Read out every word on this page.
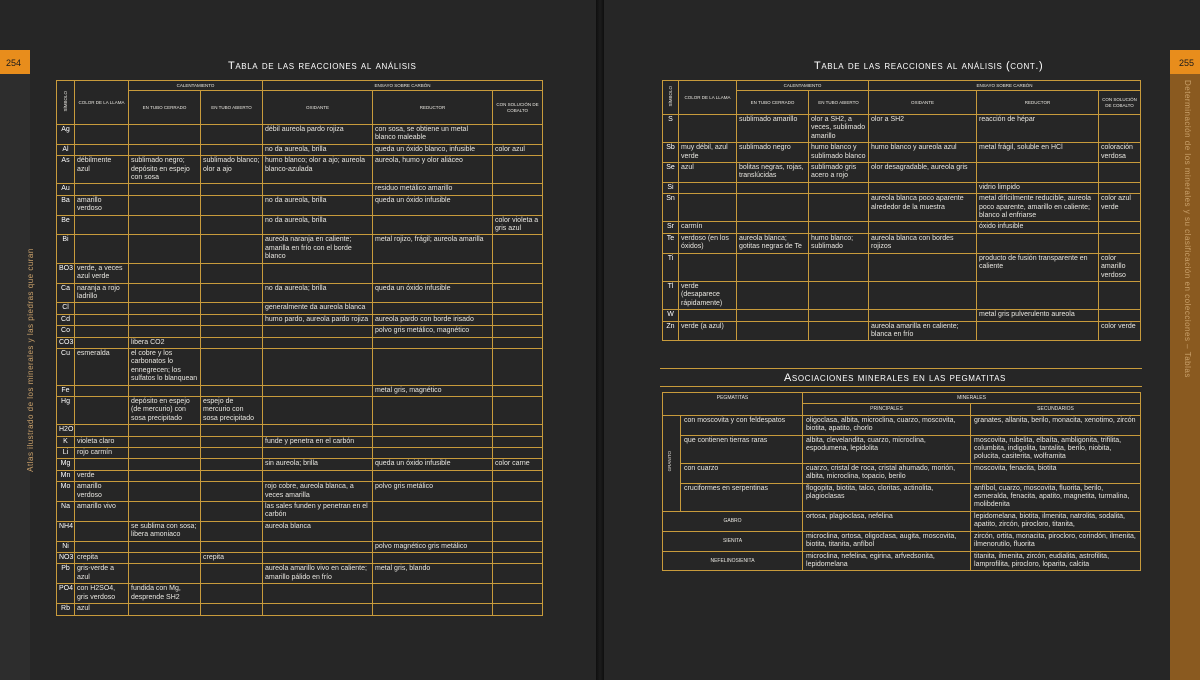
254
Atlas ilustrado de los minerales y las piedras que curan
Tabla de las reacciones al análisis
SÍMBOLO	COLOR DE LA LLAMA	CALENTAMIENTO		ENSAYO SOBRE CARBÓN		
		EN TUBO CERRADO	EN TUBO ABIERTO	OXIDANTE	REDUCTOR	CON SOLUCIÓN DE COBALTO
Ag				débil aureola pardo rojiza	con sosa, se obtiene un metal blanco maleable	
Al				no da aureola, brilla	queda un óxido blanco, infusible	color azul
As	débilmente azul	sublimado negro; depósito en espejo con sosa	sublimado blanco; olor a ajo	humo blanco; olor a ajo; aureola blanco-azulada	aureola, humo y olor aliáceo	
Au					residuo metálico amarillo	
Ba	amarillo verdoso			no da aureola, brilla	queda un óxido infusible	
Be				no da aureola, brilla		color violeta a gris azul
Bi				aureola naranja en caliente; amarilla en frío con el borde blanco	metal rojizo, frágil; aureola amarilla	
BO3	verde, a veces azul verde					
Ca	naranja a rojo ladrillo			no da aureola; brilla	queda un óxido infusible	
Cl				generalmente da aureola blanca		
Cd				humo pardo, aureola pardo rojiza	aureola pardo con borde irisado	
Co					polvo gris metálico, magnético	
CO3		libera CO2				
Cu	esmeralda	el cobre y los carbonatos lo ennegrecen; los sulfatos lo blanquean				
Fe					metal gris, magnético	
Hg		depósito en espejo (de mercurio) con sosa precipitado	espejo de mercurio con sosa precipitado			
H2O						
K	violeta claro			funde y penetra en el carbón		
Li	rojo carmín					
Mg				sin aureola; brilla	queda un óxido infusible	color carne
Mn	verde					
Mo	amarillo verdoso			rojo cobre, aureola blanca, a veces amarilla	polvo gris metálico	
Na	amarillo vivo			las sales funden y penetran en el carbón		
NH4		se sublima con sosa; libera amoniaco		aureola blanca		
Ni					polvo magnético gris metálico	
NO3	crepita		crepita			
Pb	gris-verde a azul			aureola amarillo vivo en caliente; amarillo pálido en frío	metal gris, blando	
PO4	con H2SO4, gris verdoso	fundida con Mg, desprende SH2				
Rb	azul					
255
Determinación de los minerales y su clasificación en colecciones – Tablas
Tabla de las reacciones al análisis (cont.)
SÍMBOLO	COLOR DE LA LLAMA	CALENTAMIENTO		ENSAYO SOBRE CARBÓN		
		EN TUBO CERRADO	EN TUBO ABIERTO	OXIDANTE	REDUCTOR	CON SOLUCIÓN DE COBALTO
S		sublimado amarillo	olor a SH2, a veces, sublimado amarillo	olor a SH2	reacción de hépar	
Sb	muy débil, azul verde	sublimado negro	humo blanco y sublimado blanco	humo blanco y aureola azul	metal frágil, soluble en HCl	coloración verdosa
Se	azul	bolitas negras, rojas, translúcidas	sublimado gris acero a rojo	olor desagradable, aureola gris		
Si					vidrio limpido	
Sn				aureola blanca poco aparente alrededor de la muestra	metal difícilmente reducible, aureola poco aparente, amarillo en caliente; blanco al enfriarse	color azul verde
Sr	carmín				óxido infusible	
Te	verdoso (en los óxidos)	aureola blanca; gotitas negras de Te	humo blanco; sublimado	aureola blanca con bordes rojizos		
Ti					producto de fusión transparente en caliente	color amarillo verdoso
Tl	verde (desaparece rápidamente)					
W					metal gris pulverulento aureola	
Zn	verde (a azul)			aureola amarilla en caliente; blanca en frío		color verde
Asociaciones minerales en las pegmatitas
PEGMATITAS		MINERALES	
		PRINCIPALES	SECUNDARIOS
GRANITO	con moscovita y con feldespatos	oligoclasa, albita, microclina, cuarzo, moscovita, biotita, apatito, chorlo	granates, allanita, berilo, monacita, xenotimo, zircón
	que contienen tierras raras	albita, clevelandita, cuarzo, microclina, espodumena, lepidolita	moscovita, rubelita, elbaíta, ambligonita, trifilita, columbita, indigolita, tantalita, berilo, niobita, polucita, casiterita, wolframita
	con cuarzo	cuarzo, cristal de roca, cristal ahumado, morión, albita, microclina, topacio, berilo	moscovita, fenacita, biotita
	cruciformes en serpentinas	flogopita, biotita, talco, cloritas, actinolita, plagioclasas	anfíbol, cuarzo, moscovita, fluorita, berilo, esmeralda, fenacita, apatito, magnetita, turmalina, molibdenita
GABRO		ortosa, plagioclasa, nefelina	lepidomelana, biotita, ilmenita, natrolita, sodalita, apatito, zircón, pirocloro, titanita,
SIENITA		microclina, ortosa, oligoclasa, augita, moscovita, biotita, titanita, anfíbol	zircón, ortita, monacita, pirocloro, corindón, ilmenita, ilmenorutilo, fluorita
NEFELINOSIENITA		microclina, nefelina, egirina, arfvedsonita, lepidomelana	titanita, ilmenita, zircón, eudialita, astrofilita, lamprofilita, pirocloro, loparita, calcita
